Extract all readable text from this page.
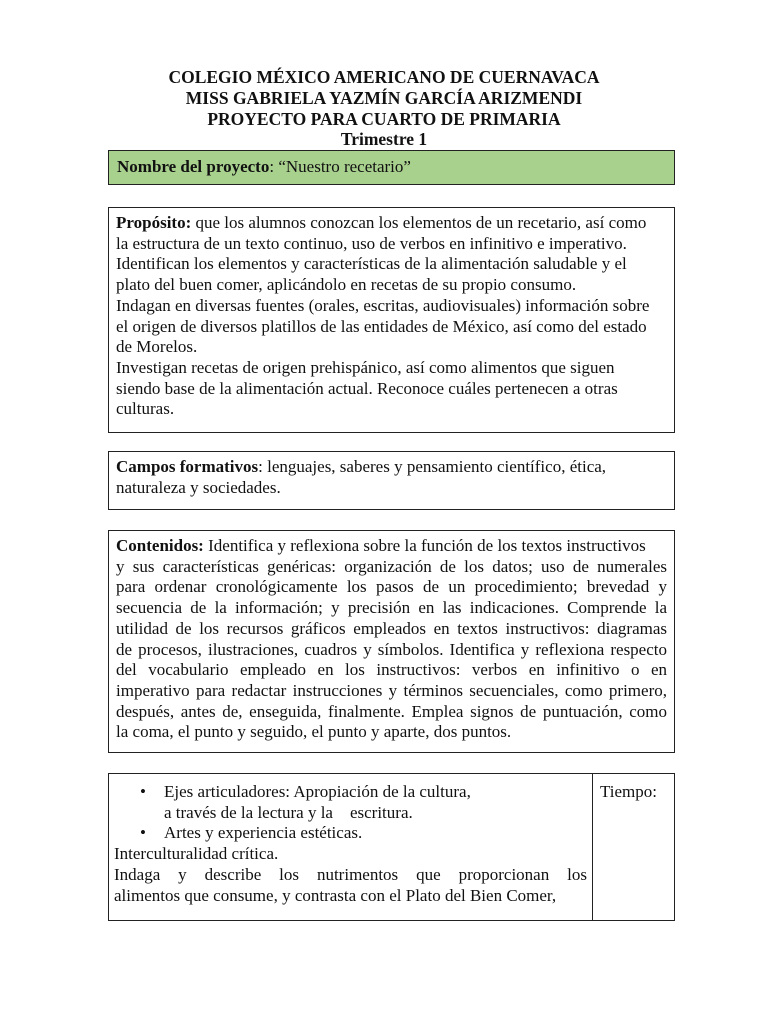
COLEGIO MÉXICO AMERICANO DE CUERNAVACA
MISS GABRIELA YAZMÍN GARCÍA ARIZMENDI
PROYECTO PARA CUARTO DE PRIMARIA
Trimestre 1
Nombre del proyecto: “Nuestro recetario”
Propósito: que los alumnos conozcan los elementos de un recetario, así como
la estructura de un texto continuo, uso de verbos en infinitivo e imperativo.
Identifican los elementos y características de la alimentación saludable y el
plato del buen comer, aplicándolo en recetas de su propio consumo.
Indagan en diversas fuentes (orales, escritas, audiovisuales) información sobre
el origen de diversos platillos de las entidades de México, así como del estado
de Morelos.
Investigan recetas de origen prehispánico, así como alimentos que siguen
siendo base de la alimentación actual. Reconoce cuáles pertenecen a otras
culturas.
Campos formativos: lenguajes, saberes y pensamiento científico, ética,
naturaleza y sociedades.
Contenidos: Identifica y reflexiona sobre la función de los textos instructivos
y sus características genéricas: organización de los datos; uso de numerales
para ordenar cronológicamente los pasos de un procedimiento; brevedad y
secuencia de la información; y precisión en las indicaciones. Comprende la
utilidad de los recursos gráficos empleados en textos instructivos: diagramas
de procesos, ilustraciones, cuadros y símbolos. Identifica y reflexiona respecto
del vocabulario empleado en los instructivos: verbos en infinitivo o en
imperativo para redactar instrucciones y términos secuenciales, como primero,
después, antes de, enseguida, finalmente. Emplea signos de puntuación, como
la coma, el punto y seguido, el punto y aparte, dos puntos.
• Ejes articuladores: Apropiación de la cultura,
a través de la lectura y la    escritura.
• Artes y experiencia estéticas.
Interculturalidad crítica.
Indaga y describe los nutrimentos que proporcionan los
alimentos que consume, y contrasta con el Plato del Bien Comer,
Tiempo:
